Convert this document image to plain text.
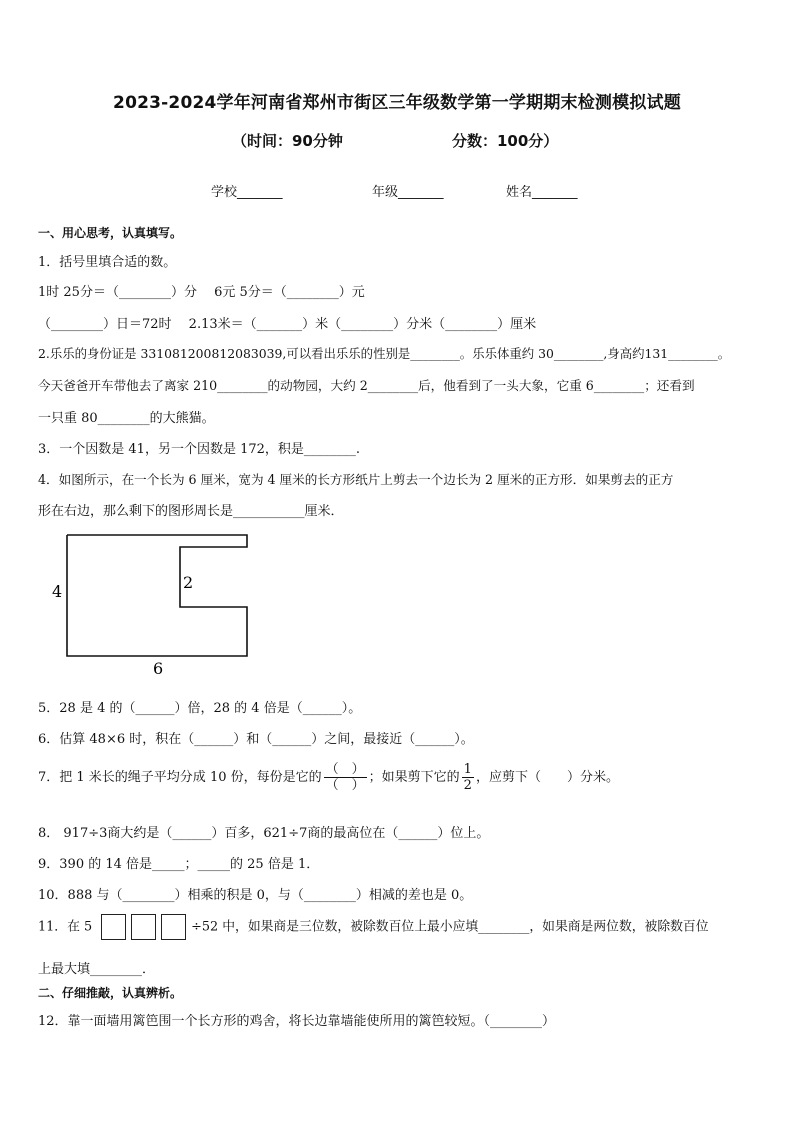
2023-2024学年河南省郑州市街区三年级数学第一学期期末检测模拟试题
（时间：90分钟	分数：100分）
学校_______	年级_______	姓名_______
一、用心思考，认真填写。
1．括号里填合适的数。
1时 25分＝（________）分　 6元 5分＝（________）元
（________）日＝72时　 2.13米＝（_______）米（________）分米（________）厘米
2.乐乐的身份证是 331081200812083039,可以看出乐乐的性别是________。乐乐体重约 30________,身高约131________。
今天爸爸开车带他去了离家 210________的动物园，大约 2________后，他看到了一头大象，它重 6________；还看到
一只重 80________的大熊猫。
3．一个因数是 41，另一个因数是 172，积是________.
4．如图所示，在一个长为 6 厘米，宽为 4 厘米的长方形纸片上剪去一个边长为 2 厘米的正方形．如果剪去的正方
形在右边，那么剩下的图形周长是___________厘米．
4	2
6
5．28 是 4 的（______）倍，28 的 4 倍是（______）。
6．估算 48×6 时，积在（______）和（______）之间，最接近（______）。
7．把 1 米长的绳子平均分成 10 份，每份是它的 $\frac{( )}{( )}$ ；如果剪下它的 $\frac{1}{2}$ ，应剪下（　　）分米。
8． 917÷3商大约是（______）百多，621÷7商的最高位在（______）位上。
9．390 的 14 倍是_____；_____的 25 倍是 1．
10．888 与（________）相乘的积是 0，与（________）相减的差也是 0。
11．在 5	÷52 中，如果商是三位数，被除数百位上最小应填________，如果商是两位数，被除数百位
上最大填________．
二、仔细推敲，认真辨析。
12．靠一面墙用篱笆围一个长方形的鸡舍，将长边靠墙能使所用的篱笆较短。（________）
